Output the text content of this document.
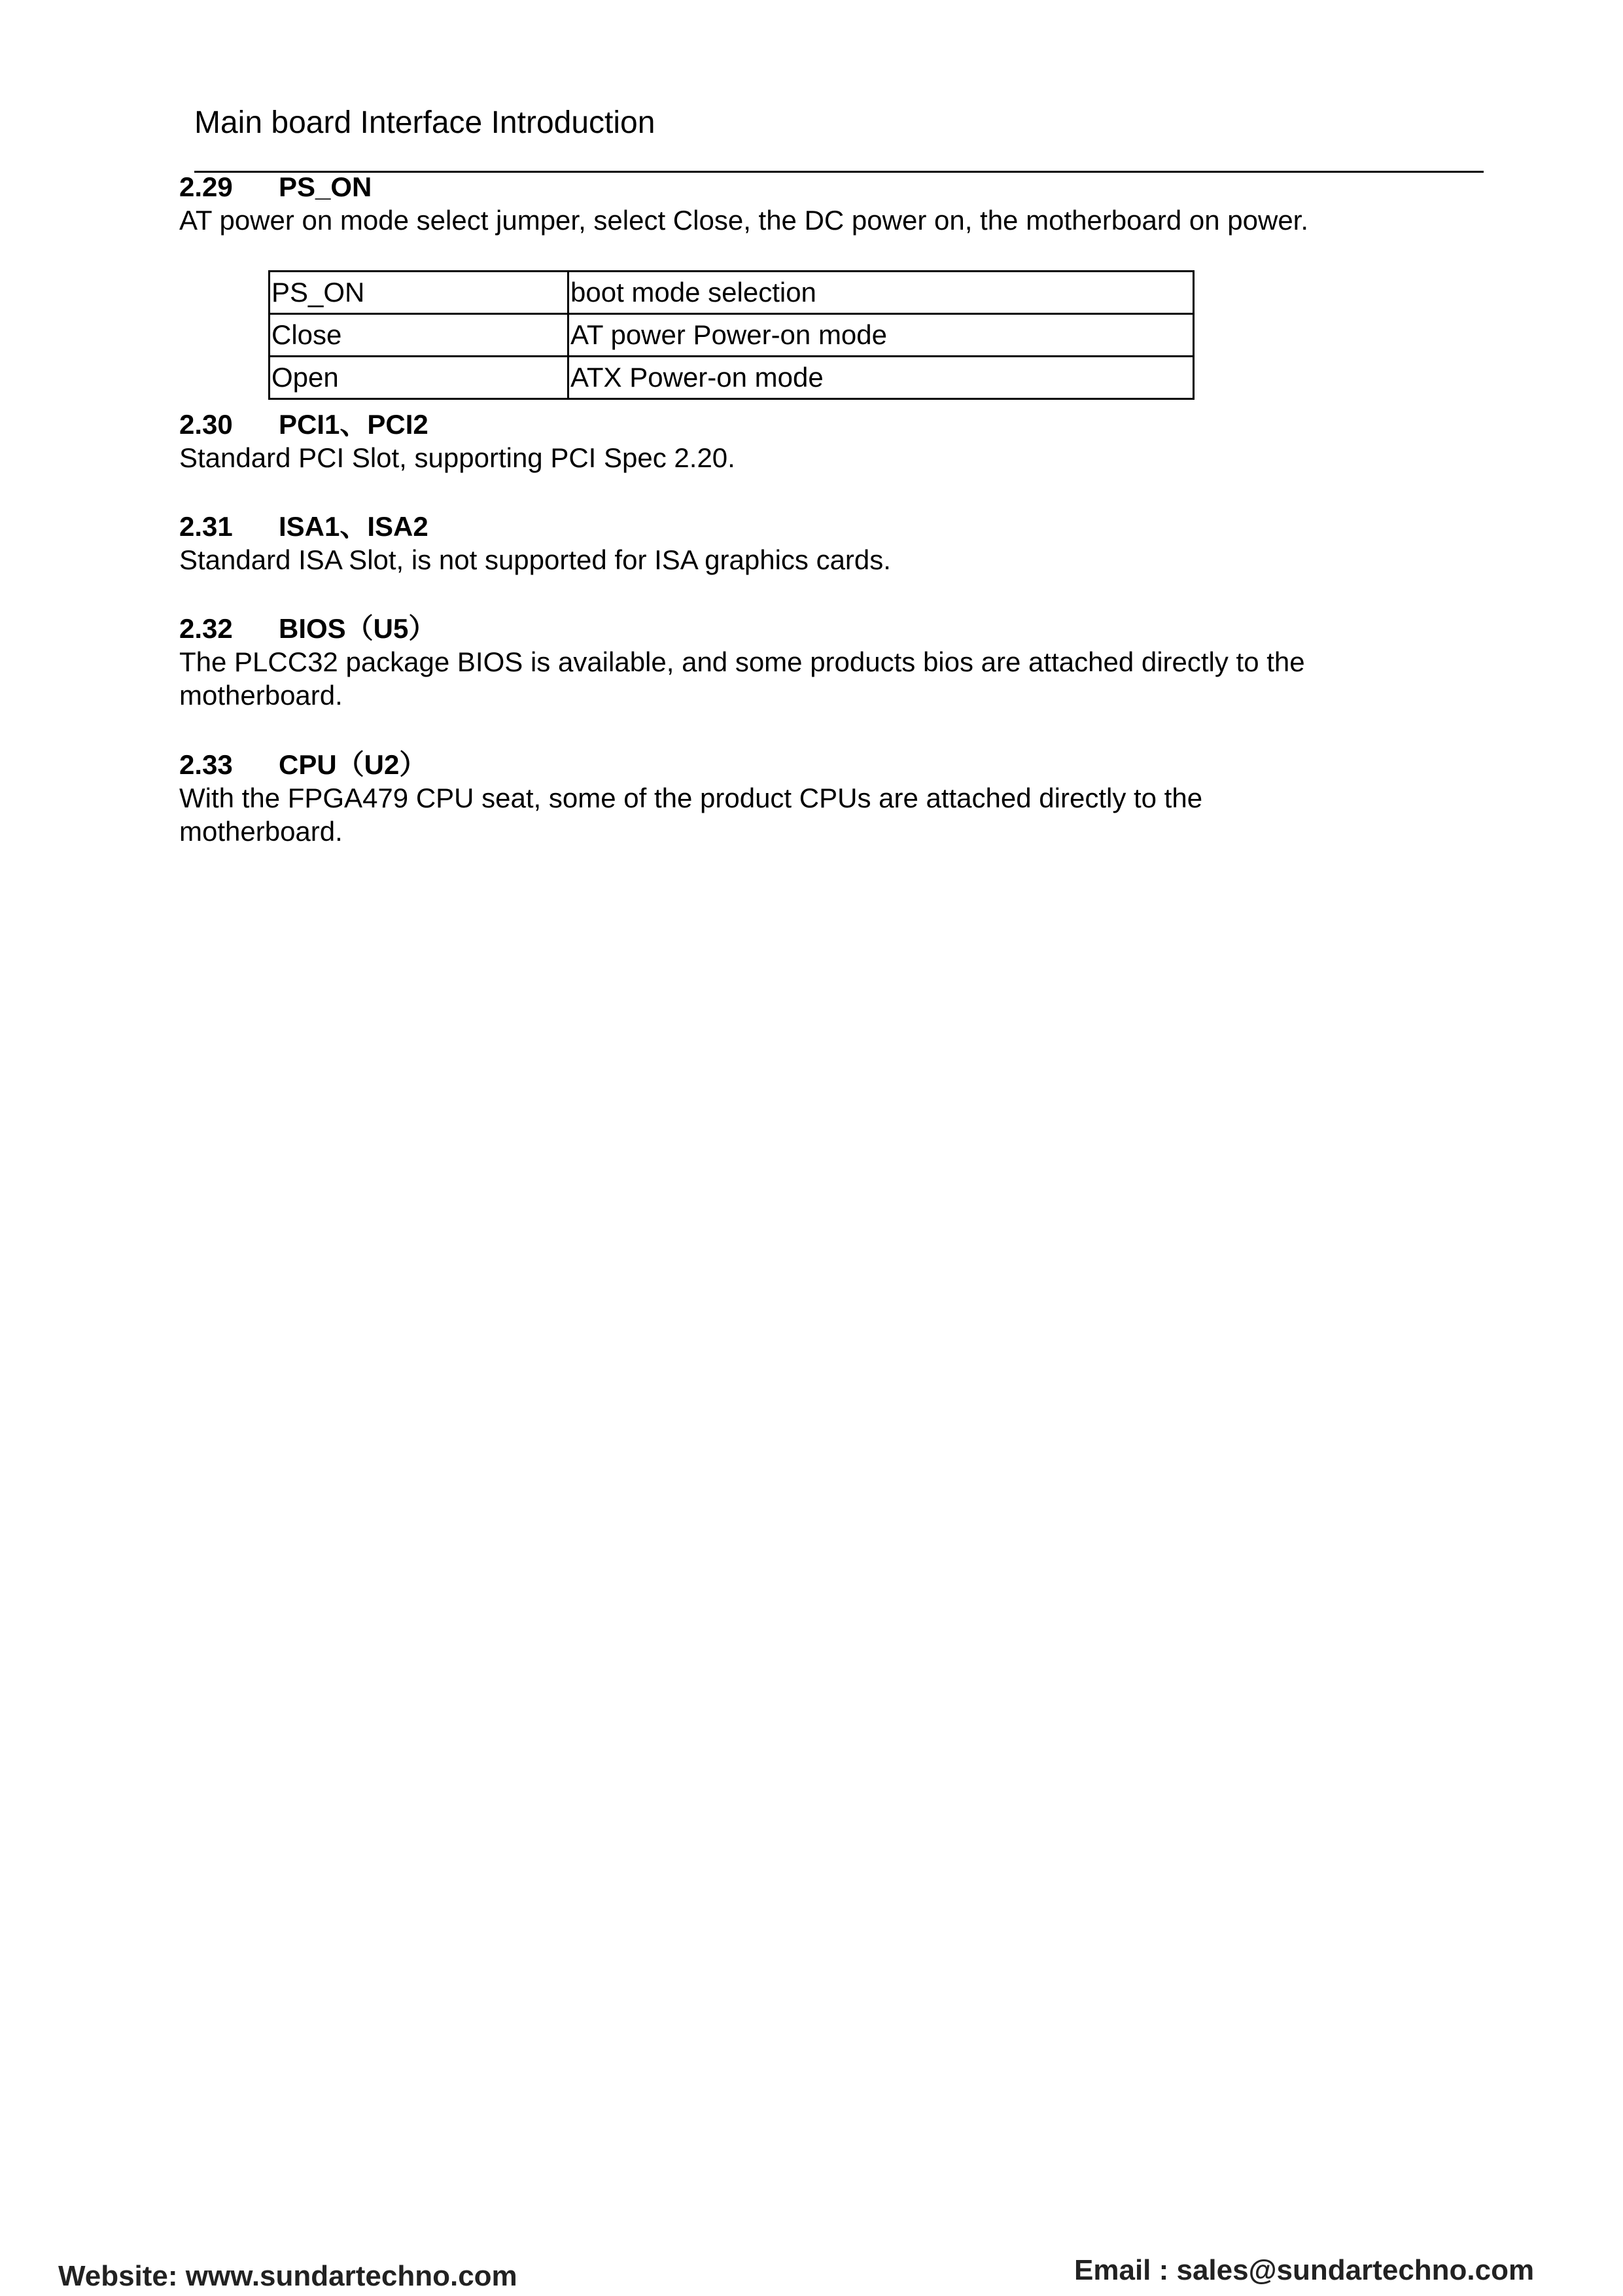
Main board Interface Introduction
2.29 PS_ON
AT power on mode select jumper, select Close, the DC power on, the motherboard on power.
PS_ON	boot mode selection
Close	AT power Power-on mode
Open	ATX Power-on mode
2.30 PCI1、PCI2
Standard PCI Slot, supporting PCI Spec 2.20.
2.31 ISA1、ISA2
Standard ISA Slot, is not supported for ISA graphics cards.
2.32 BIOS（U5）
The PLCC32 package BIOS is available, and some products bios are attached directly to the
motherboard.
2.33 CPU（U2）
With the FPGA479 CPU seat, some of the product CPUs are attached directly to the
motherboard.
Website: www.sundartechno.com	Email : sales@sundartechno.com
